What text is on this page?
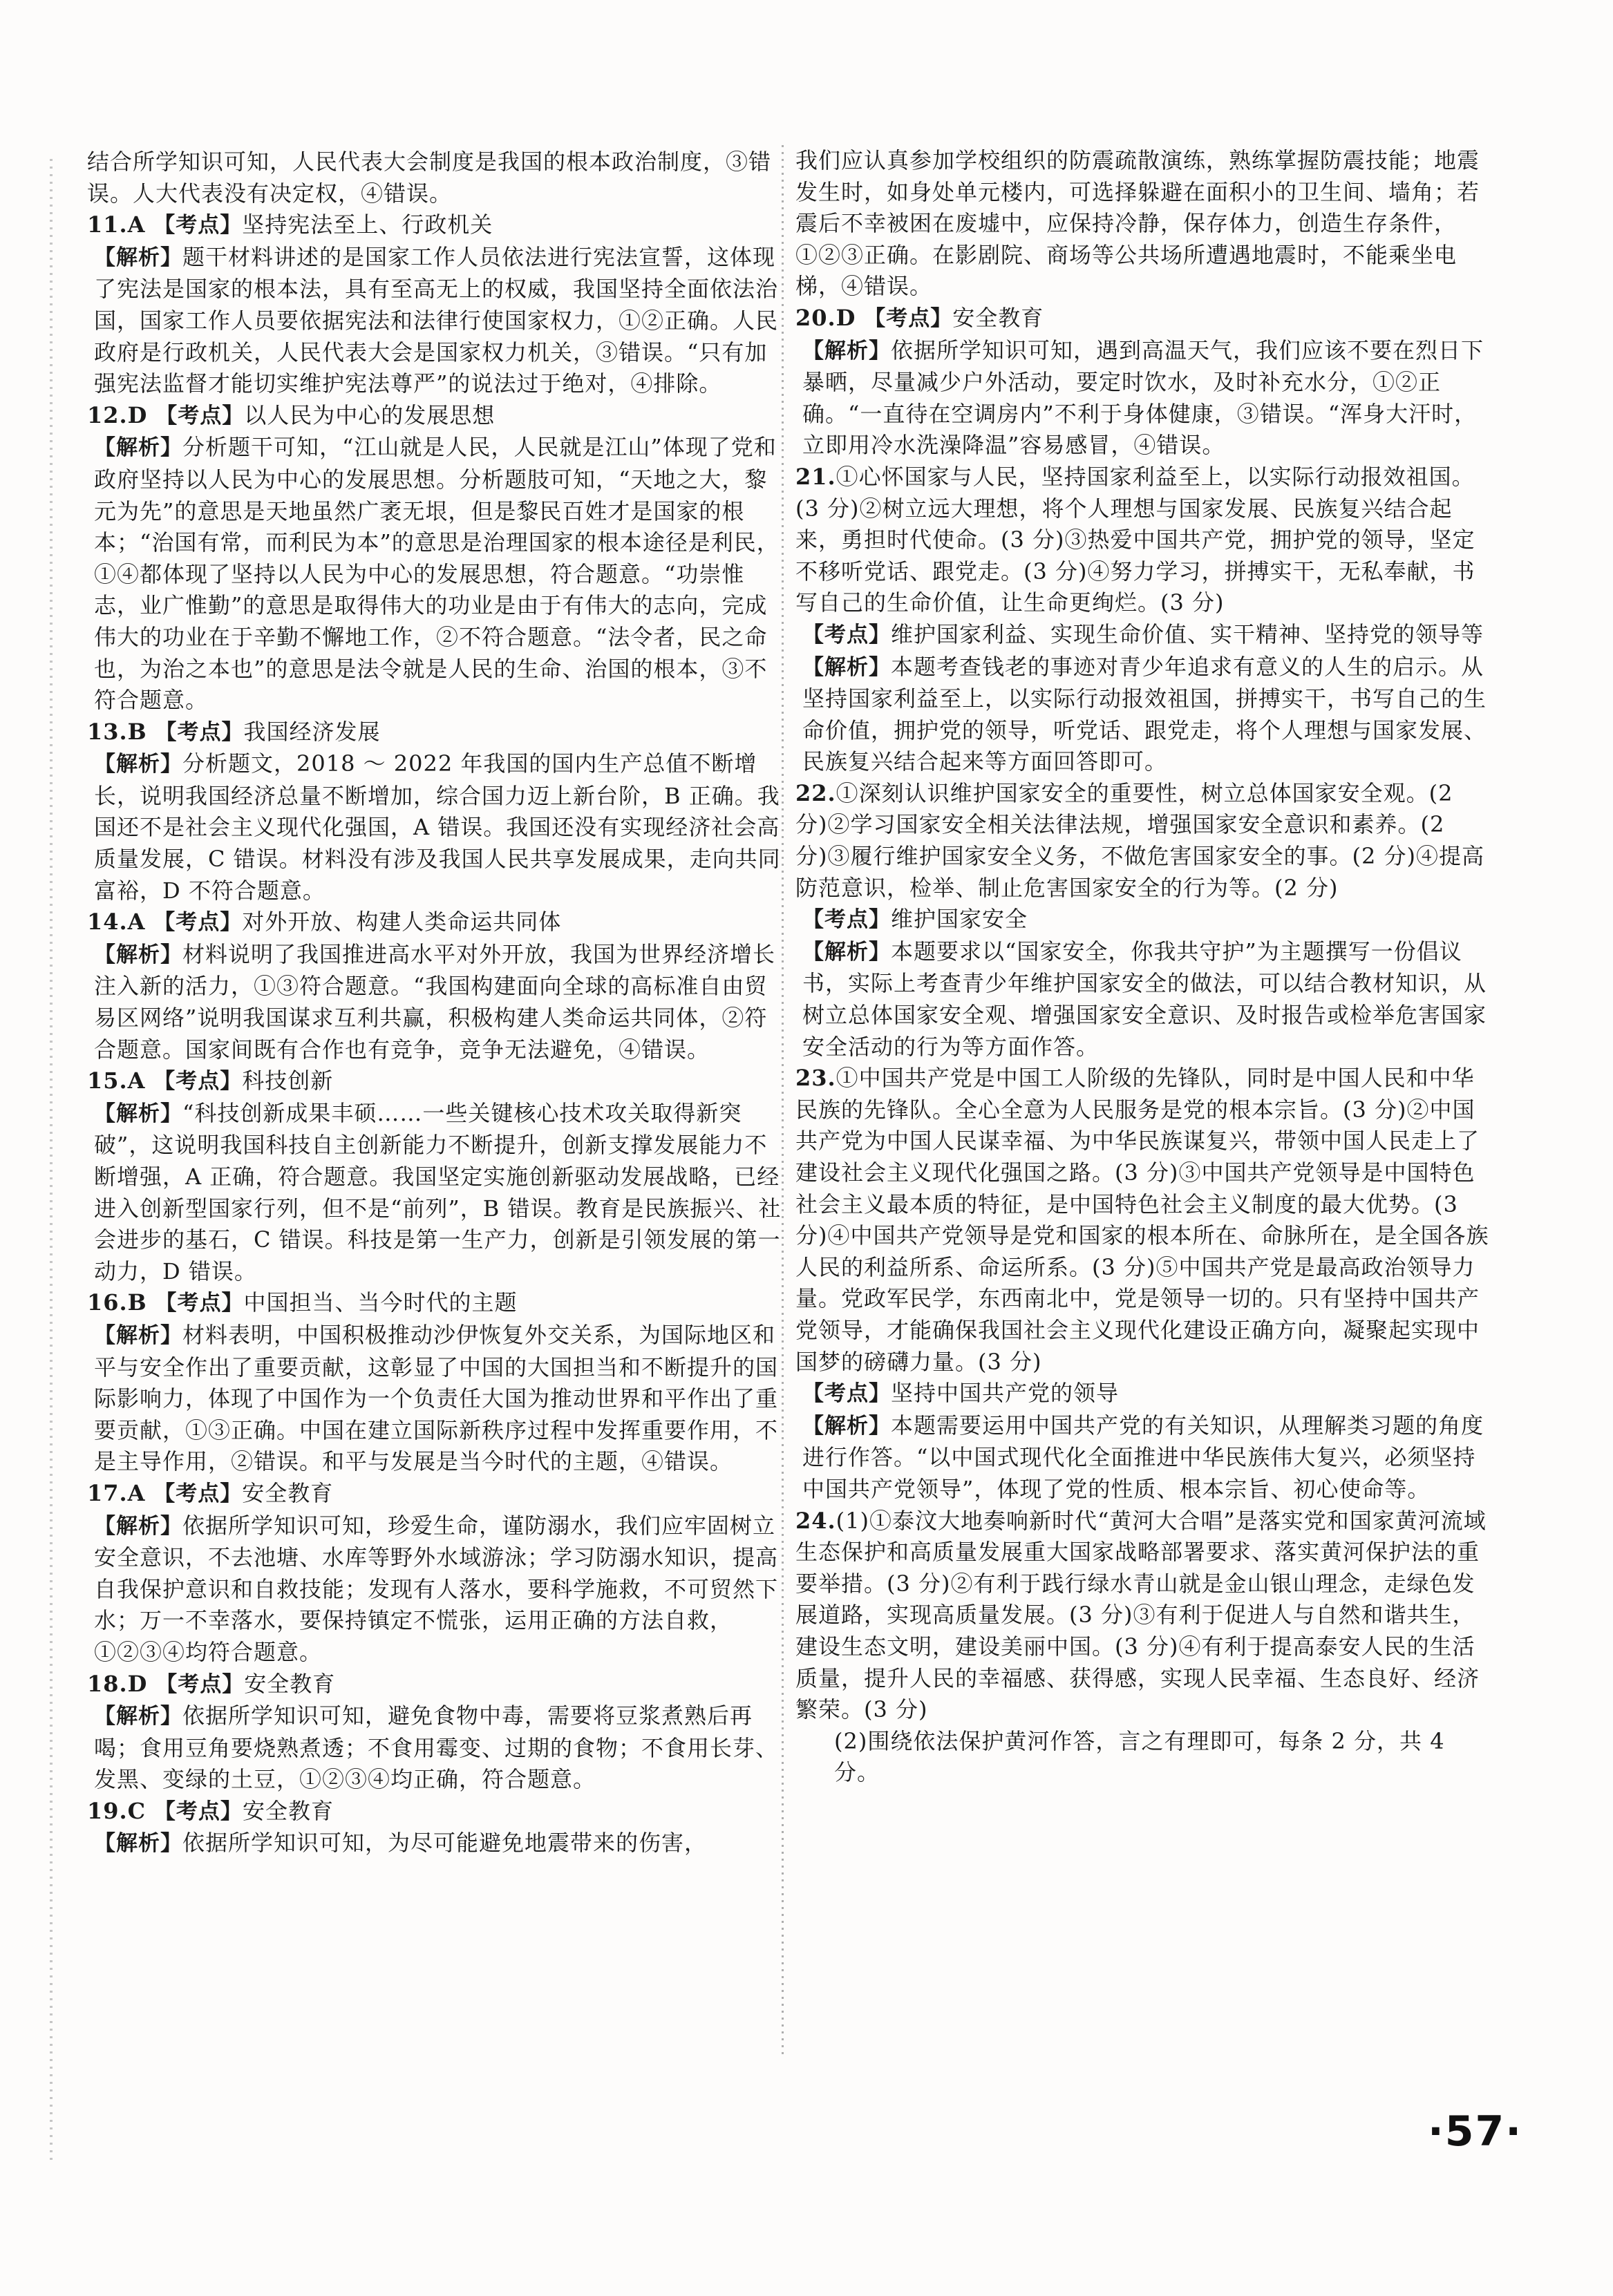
结合所学知识可知，人民代表大会制度是我国的根本政治制度，③错误。人大代表没有决定权，④错误。
11.A 【考点】坚持宪法至上、行政机关
【解析】题干材料讲述的是国家工作人员依法进行宪法宣誓，这体现了宪法是国家的根本法，具有至高无上的权威，我国坚持全面依法治国，国家工作人员要依据宪法和法律行使国家权力，①②正确。人民政府是行政机关，人民代表大会是国家权力机关，③错误。“只有加强宪法监督才能切实维护宪法尊严”的说法过于绝对，④排除。
12.D 【考点】以人民为中心的发展思想
【解析】分析题干可知，“江山就是人民，人民就是江山”体现了党和政府坚持以人民为中心的发展思想。分析题肢可知，“天地之大，黎元为先”的意思是天地虽然广袤无垠，但是黎民百姓才是国家的根本；“治国有常，而利民为本”的意思是治理国家的根本途径是利民，①④都体现了坚持以人民为中心的发展思想，符合题意。“功崇惟志，业广惟勤”的意思是取得伟大的功业是由于有伟大的志向，完成伟大的功业在于辛勤不懈地工作，②不符合题意。“法令者，民之命也，为治之本也”的意思是法令就是人民的生命、治国的根本，③不符合题意。
13.B 【考点】我国经济发展
【解析】分析题文，2018 ～ 2022 年我国的国内生产总值不断增长，说明我国经济总量不断增加，综合国力迈上新台阶，B 正确。我国还不是社会主义现代化强国，A 错误。我国还没有实现经济社会高质量发展，C 错误。材料没有涉及我国人民共享发展成果，走向共同富裕，D 不符合题意。
14.A 【考点】对外开放、构建人类命运共同体
【解析】材料说明了我国推进高水平对外开放，我国为世界经济增长注入新的活力，①③符合题意。“我国构建面向全球的高标准自由贸易区网络”说明我国谋求互利共赢，积极构建人类命运共同体，②符合题意。国家间既有合作也有竞争，竞争无法避免，④错误。
15.A 【考点】科技创新
【解析】“科技创新成果丰硕……一些关键核心技术攻关取得新突破”，这说明我国科技自主创新能力不断提升，创新支撑发展能力不断增强，A 正确，符合题意。我国坚定实施创新驱动发展战略，已经进入创新型国家行列，但不是“前列”，B 错误。教育是民族振兴、社会进步的基石，C 错误。科技是第一生产力，创新是引领发展的第一动力，D 错误。
16.B 【考点】中国担当、当今时代的主题
【解析】材料表明，中国积极推动沙伊恢复外交关系，为国际地区和平与安全作出了重要贡献，这彰显了中国的大国担当和不断提升的国际影响力，体现了中国作为一个负责任大国为推动世界和平作出了重要贡献，①③正确。中国在建立国际新秩序过程中发挥重要作用，不是主导作用，②错误。和平与发展是当今时代的主题，④错误。
17.A 【考点】安全教育
【解析】依据所学知识可知，珍爱生命，谨防溺水，我们应牢固树立安全意识，不去池塘、水库等野外水域游泳；学习防溺水知识，提高自我保护意识和自救技能；发现有人落水，要科学施救，不可贸然下水；万一不幸落水，要保持镇定不慌张，运用正确的方法自救，①②③④均符合题意。
18.D 【考点】安全教育
【解析】依据所学知识可知，避免食物中毒，需要将豆浆煮熟后再喝；食用豆角要烧熟煮透；不食用霉变、过期的食物；不食用长芽、发黑、变绿的土豆，①②③④均正确，符合题意。
19.C 【考点】安全教育
【解析】依据所学知识可知，为尽可能避免地震带来的伤害，
我们应认真参加学校组织的防震疏散演练，熟练掌握防震技能；地震发生时，如身处单元楼内，可选择躲避在面积小的卫生间、墙角；若震后不幸被困在废墟中，应保持冷静，保存体力，创造生存条件，①②③正确。在影剧院、商场等公共场所遭遇地震时，不能乘坐电梯，④错误。
20.D 【考点】安全教育
【解析】依据所学知识可知，遇到高温天气，我们应该不要在烈日下暴晒，尽量减少户外活动，要定时饮水，及时补充水分，①②正确。“一直待在空调房内”不利于身体健康，③错误。“浑身大汗时，立即用冷水洗澡降温”容易感冒，④错误。
21.①心怀国家与人民，坚持国家利益至上，以实际行动报效祖国。(3 分)②树立远大理想，将个人理想与国家发展、民族复兴结合起来，勇担时代使命。(3 分)③热爱中国共产党，拥护党的领导，坚定不移听党话、跟党走。(3 分)④努力学习，拼搏实干，无私奉献，书写自己的生命价值，让生命更绚烂。(3 分)
【考点】维护国家利益、实现生命价值、实干精神、坚持党的领导等
【解析】本题考查钱老的事迹对青少年追求有意义的人生的启示。从坚持国家利益至上，以实际行动报效祖国，拼搏实干，书写自己的生命价值，拥护党的领导，听党话、跟党走，将个人理想与国家发展、民族复兴结合起来等方面回答即可。
22.①深刻认识维护国家安全的重要性，树立总体国家安全观。(2 分)②学习国家安全相关法律法规，增强国家安全意识和素养。(2 分)③履行维护国家安全义务，不做危害国家安全的事。(2 分)④提高防范意识，检举、制止危害国家安全的行为等。(2 分)
【考点】维护国家安全
【解析】本题要求以“国家安全，你我共守护”为主题撰写一份倡议书，实际上考查青少年维护国家安全的做法，可以结合教材知识，从树立总体国家安全观、增强国家安全意识、及时报告或检举危害国家安全活动的行为等方面作答。
23.①中国共产党是中国工人阶级的先锋队，同时是中国人民和中华民族的先锋队。全心全意为人民服务是党的根本宗旨。(3 分)②中国共产党为中国人民谋幸福、为中华民族谋复兴，带领中国人民走上了建设社会主义现代化强国之路。(3 分)③中国共产党领导是中国特色社会主义最本质的特征，是中国特色社会主义制度的最大优势。(3 分)④中国共产党领导是党和国家的根本所在、命脉所在，是全国各族人民的利益所系、命运所系。(3 分)⑤中国共产党是最高政治领导力量。党政军民学，东西南北中，党是领导一切的。只有坚持中国共产党领导，才能确保我国社会主义现代化建设正确方向，凝聚起实现中国梦的磅礴力量。(3 分)
【考点】坚持中国共产党的领导
【解析】本题需要运用中国共产党的有关知识，从理解类习题的角度进行作答。“以中国式现代化全面推进中华民族伟大复兴，必须坚持中国共产党领导”，体现了党的性质、根本宗旨、初心使命等。
24.(1)①泰汶大地奏响新时代“黄河大合唱”是落实党和国家黄河流域生态保护和高质量发展重大国家战略部署要求、落实黄河保护法的重要举措。(3 分)②有利于践行绿水青山就是金山银山理念，走绿色发展道路，实现高质量发展。(3 分)③有利于促进人与自然和谐共生，建设生态文明，建设美丽中国。(3 分)④有利于提高泰安人民的生活质量，提升人民的幸福感、获得感，实现人民幸福、生态良好、经济繁荣。(3 分)
(2)围绕依法保护黄河作答，言之有理即可，每条 2 分，共 4 分。
·57·
